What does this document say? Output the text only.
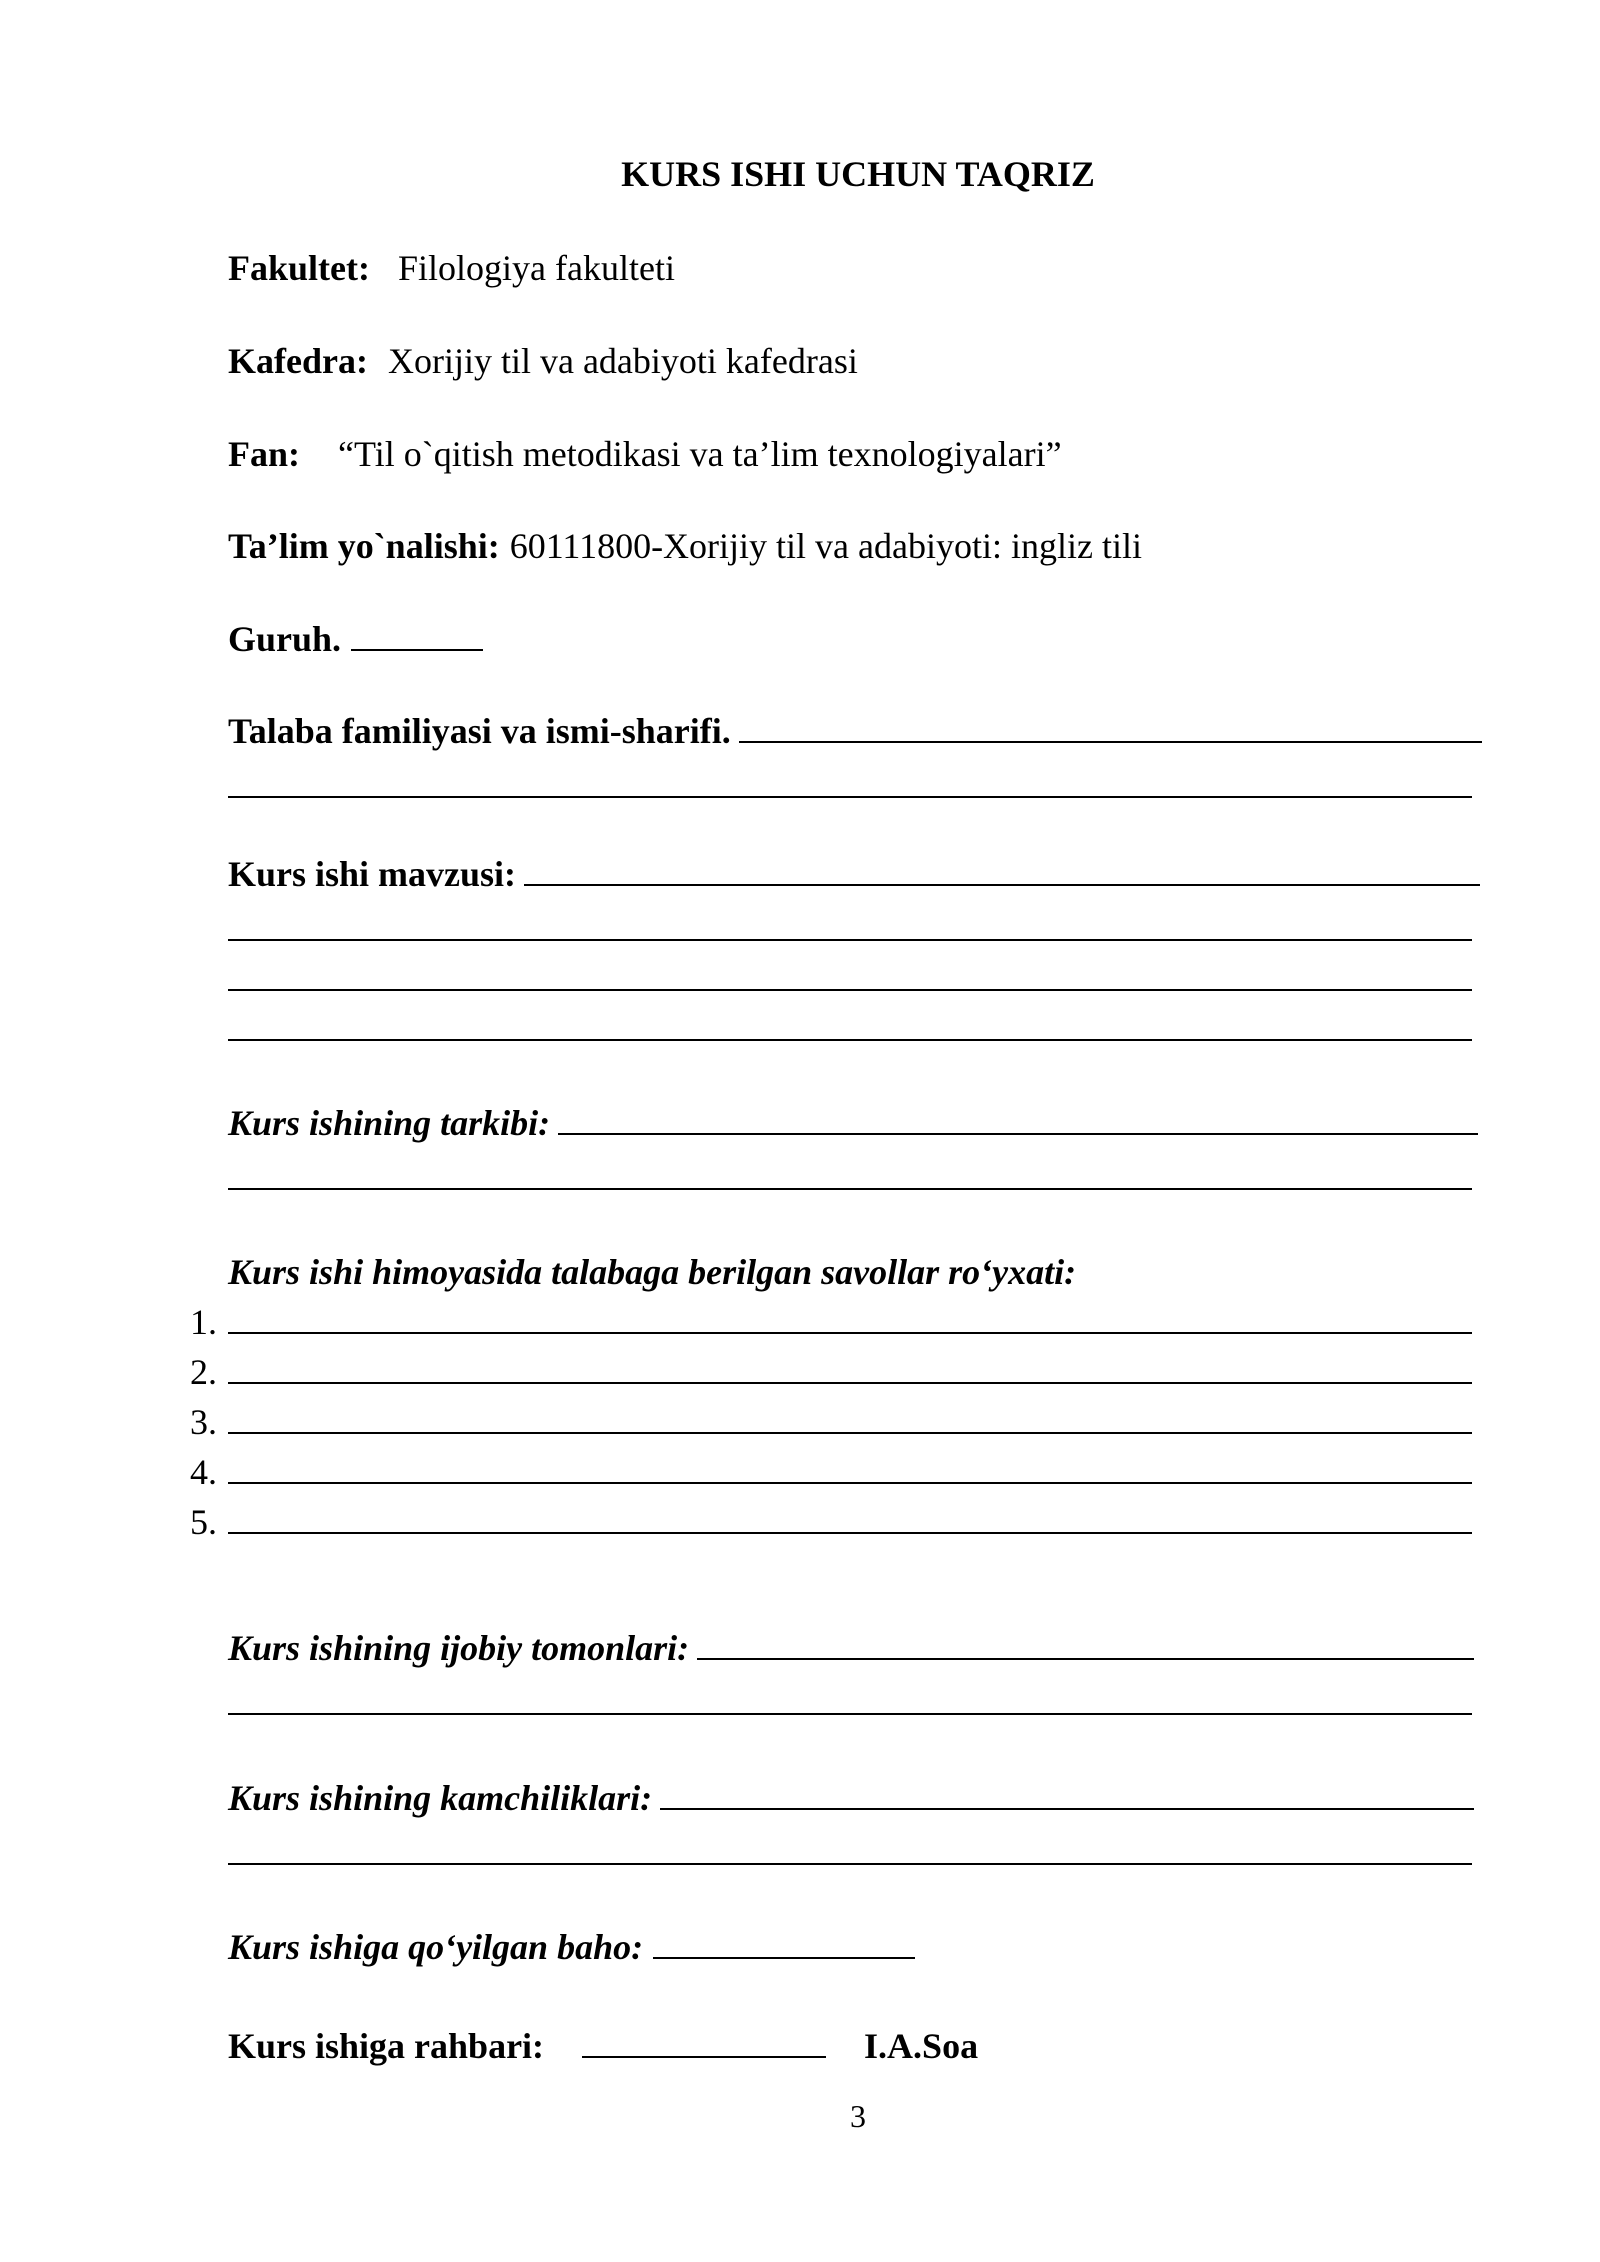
KURS ISHI UCHUN TAQRIZ
Fakultet: Filologiya fakulteti
Kafedra: Xorijiy til va adabiyoti kafedrasi
Fan: “Til o`qitish metodikasi va ta’lim texnologiyalari”
Ta’lim yo`nalishi: 60111800-Xorijiy til va adabiyoti: ingliz tili
Guruh.
Talaba familiyasi va ismi-sharifi.
Kurs ishi mavzusi:
Kurs ishining tarkibi:
Kurs ishi himoyasida talabaga berilgan savollar ro‘yxati:
1.
2.
3.
4.
5.
Kurs ishining ijobiy tomonlari:
Kurs ishining kamchiliklari:
Kurs ishiga qo‘yilgan baho:
Kurs ishiga rahbari:	I.A.Soa
3
